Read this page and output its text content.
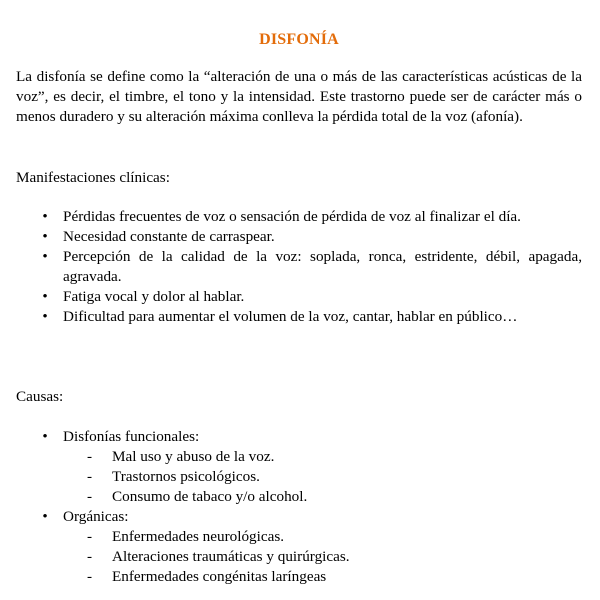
DISFONÍA

La disfonía se define como la “alteración de una o más de las características acústicas de la voz”, es decir, el timbre, el tono y la intensidad. Este trastorno puede ser de carácter más o menos duradero y su alteración máxima conlleva la pérdida total de la voz (afonía).

Manifestaciones clínicas:
• Pérdidas frecuentes de voz o sensación de pérdida de voz al finalizar el día.
• Necesidad constante de carraspear.
• Percepción de la calidad de la voz: soplada, ronca, estridente, débil, apagada, agravada.
• Fatiga vocal y dolor al hablar.
• Dificultad para aumentar el volumen de la voz, cantar, hablar en público…
Causas:
• Disfonías funcionales:
- Mal uso y abuso de la voz.
- Trastornos psicológicos.
- Consumo de tabaco y/o alcohol.
• Orgánicas:
- Enfermedades neurológicas.
- Alteraciones traumáticas y quirúrgicas.
- Enfermedades congénitas laríngeas
